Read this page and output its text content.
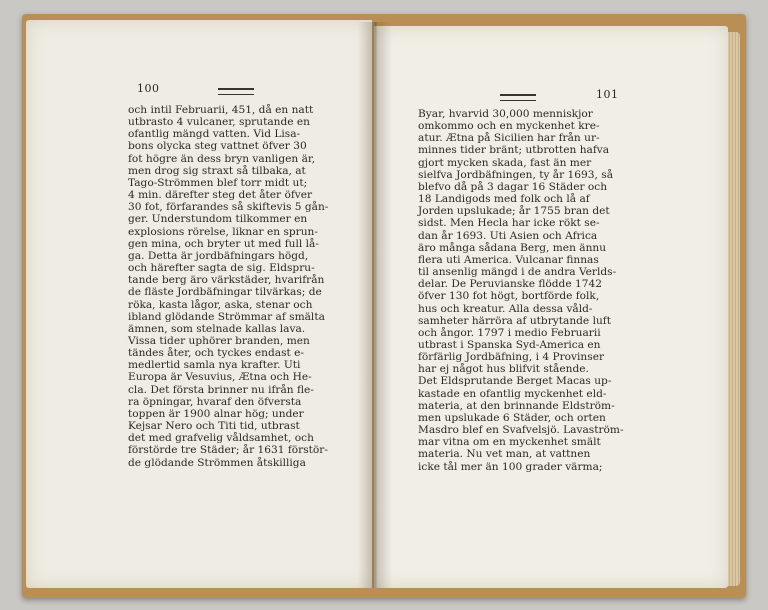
100	101
och intil Februarii, 451, då en natt
utbrasto 4 vulcaner, sprutande en
ofantlig mängd vatten. Vid Lisa-
bons olycka steg vattnet öfver 30
fot högre än dess bryn vanligen är,
men drog sig straxt så tilbaka, at
Tago-Strömmen blef torr midt ut;
4 min. därefter steg det åter öfver
30 fot, förfarandes så skiftevis 5 gån-
ger. Understundom tilkommer en
explosions rörelse, liknar en sprun-
gen mina, och bryter ut med full lå-
ga. Detta är jordbäfningars högd,
och härefter sagta de sig. Eldspru-
tande berg äro värkstäder, hvarifrån
de fläste Jordbäfningar tilvärkas; de
röka, kasta lågor, aska, stenar och
ibland glödande Strömmar af smälta
ämnen, som stelnade kallas lava.
Vissa tider uphörer branden, men
tändes åter, och tyckes endast e-
medlertid samla nya krafter. Uti
Europa är Vesuvius, Ætna och He-
cla. Det första brinner nu ifrån fle-
ra öpningar, hvaraf den öfversta
toppen är 1900 alnar hög; under
Kejsar Nero och Titi tid, utbrast
det med grafvelig våldsamhet, och
förstörde tre Städer; år 1631 förstör-
de glödande Strömmen åtskilliga
Byar, hvarvid 30,000 menniskjor
omkommo och en myckenhet kre-
atur. Ætna på Sicilien har från ur-
minnes tider bränt; utbrotten hafva
gjort mycken skada, fast än mer
sielfva Jordbäfningen, ty år 1693, så
blefvo då på 3 dagar 16 Städer och
18 Landigods med folk och lå af
Jorden upslukade; år 1755 bran det
sidst. Men Hecla har icke rökt se-
dan år 1693. Uti Asien och Africa
äro många sådana Berg, men ännu
flera uti America. Vulcanar finnas
til ansenlig mängd i de andra Verlds-
delar. De Peruvianske flödde 1742
öfver 130 fot högt, bortförde folk,
hus och kreatur. Alla dessa våld-
samheter härröra af utbrytande luft
och ångor. 1797 i medio Februarii
utbrast i Spanska Syd-America en
förfärlig Jordbäfning, i 4 Provinser
har ej något hus blifvit stående.
Det Eldsprutande Berget Macas up-
kastade en ofantlig myckenhet eld-
materia, at den brinnande Eldström-
men upslukade 6 Städer, och orten
Masdro blef en Svafvelsjö. Lavaström-
mar vitna om en myckenhet smält
materia. Nu vet man, at vattnen
icke tål mer än 100 grader värma;
